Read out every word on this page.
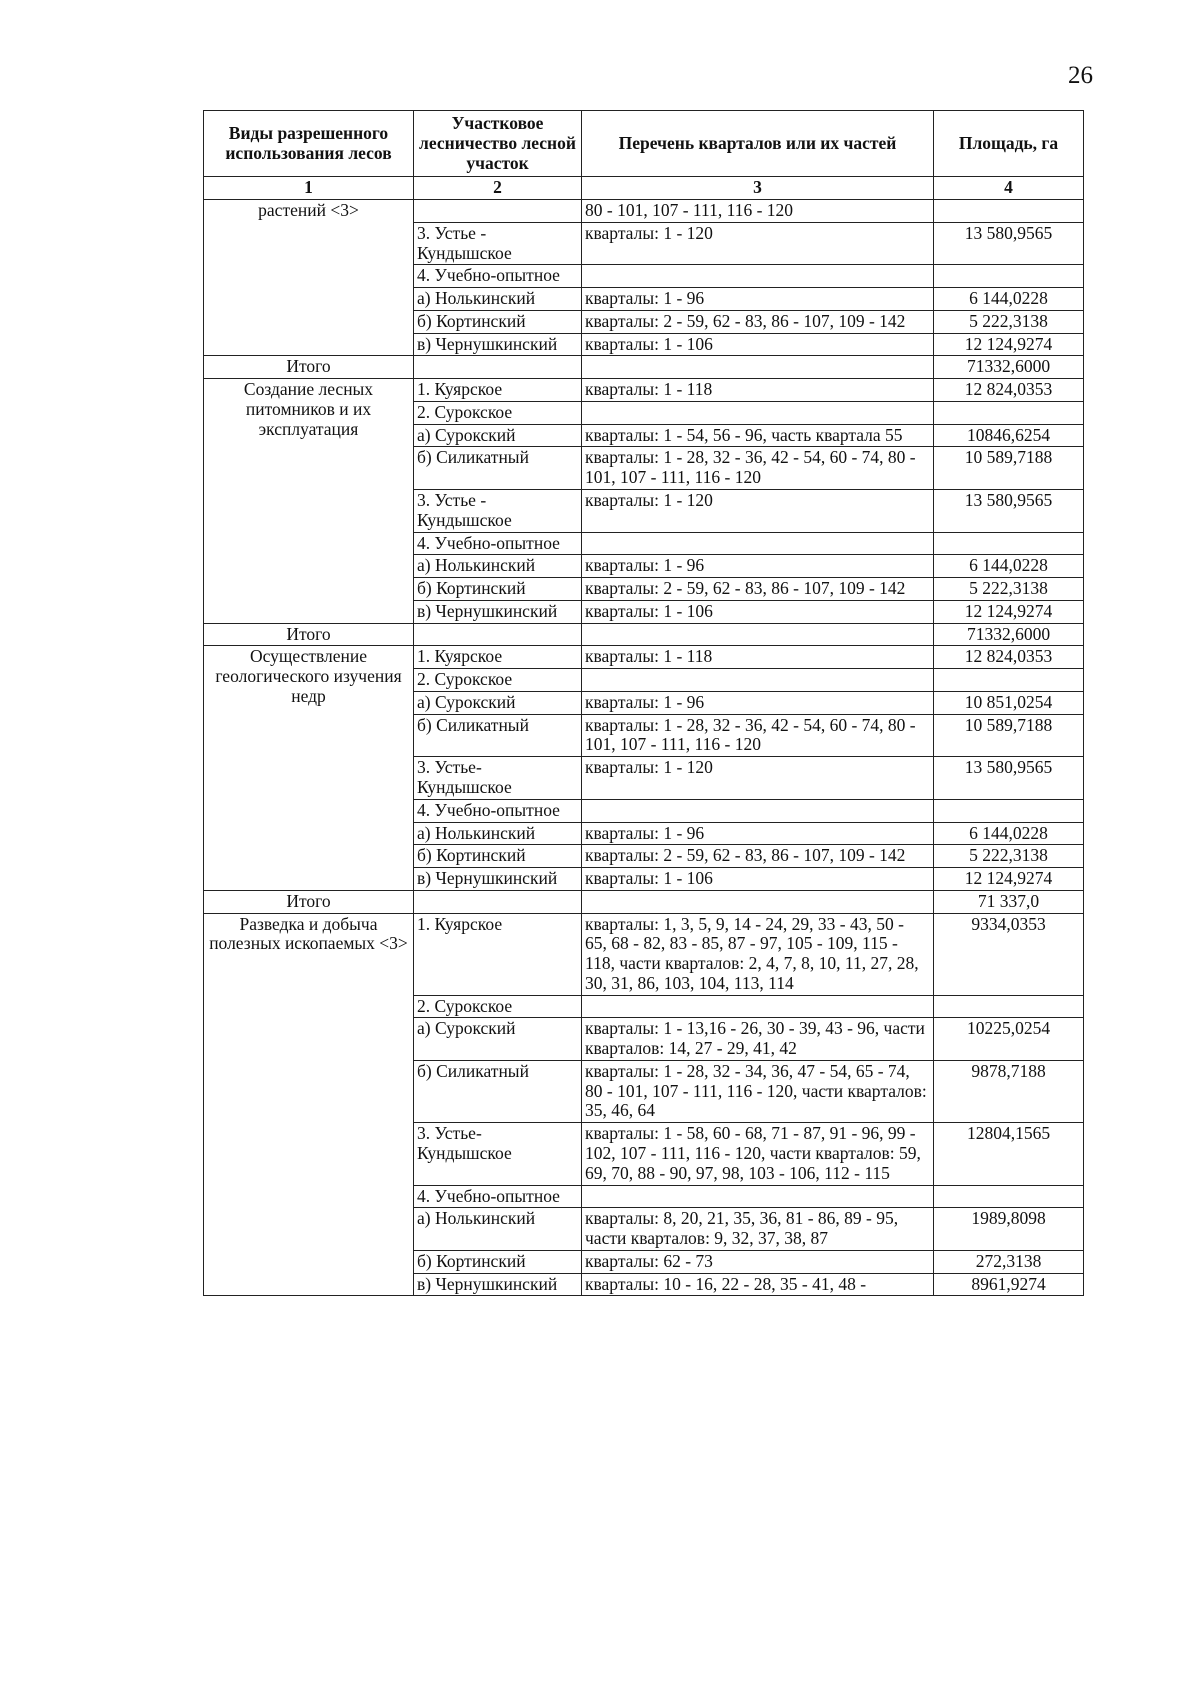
26
Виды разрешенного использования лесов	Участковое лесничество лесной участок	Перечень кварталов или их частей	Площадь, га
1	2	3	4
растений <3>		80 - 101, 107 - 111, 116 - 120	
	3. Устье - Кундышское	кварталы: 1 - 120	13 580,9565
	4. Учебно-опытное		
	а) Нолькинский	кварталы: 1 - 96	6 144,0228
	б) Кортинский	кварталы: 2 - 59, 62 - 83, 86 - 107, 109 - 142	5 222,3138
	в) Чернушкинский	кварталы: 1 - 106	12 124,9274
Итого			71332,6000
Создание лесных питомников и их эксплуатация	1. Куярское	кварталы: 1 - 118	12 824,0353
	2. Сурокское		
	а) Сурокский	кварталы: 1 - 54, 56 - 96, часть квартала 55	10846,6254
	б) Силикатный	кварталы: 1 - 28, 32 - 36, 42 - 54, 60 - 74, 80 - 101, 107 - 111, 116 - 120	10 589,7188
	3. Устье - Кундышское	кварталы: 1 - 120	13 580,9565
	4. Учебно-опытное		
	а) Нолькинский	кварталы: 1 - 96	6 144,0228
	б) Кортинский	кварталы: 2 - 59, 62 - 83, 86 - 107, 109 - 142	5 222,3138
	в) Чернушкинский	кварталы: 1 - 106	12 124,9274
Итого			71332,6000
Осуществление геологического изучения недр	1. Куярское	кварталы: 1 - 118	12 824,0353
	2. Сурокское		
	а) Сурокский	кварталы: 1 - 96	10 851,0254
	б) Силикатный	кварталы: 1 - 28, 32 - 36, 42 - 54, 60 - 74, 80 - 101, 107 - 111, 116 - 120	10 589,7188
	3. Устье- Кундышское	кварталы: 1 - 120	13 580,9565
	4. Учебно-опытное		
	а) Нолькинский	кварталы: 1 - 96	6 144,0228
	б) Кортинский	кварталы: 2 - 59, 62 - 83, 86 - 107, 109 - 142	5 222,3138
	в) Чернушкинский	кварталы: 1 - 106	12 124,9274
Итого			71 337,0
Разведка и добыча полезных ископаемых <3>	1. Куярское	кварталы: 1, 3, 5, 9, 14 - 24, 29, 33 - 43, 50 - 65, 68 - 82, 83 - 85, 87 - 97, 105 - 109, 115 - 118, части кварталов: 2, 4, 7, 8, 10, 11, 27, 28, 30, 31, 86, 103, 104, 113, 114	9334,0353
	2. Сурокское		
	а) Сурокский	кварталы: 1 - 13,16 - 26, 30 - 39, 43 - 96, части кварталов: 14, 27 - 29, 41, 42	10225,0254
	б) Силикатный	кварталы: 1 - 28, 32 - 34, 36, 47 - 54, 65 - 74, 80 - 101, 107 - 111, 116 - 120, части кварталов: 35, 46, 64	9878,7188
	3. Устье- Кундышское	кварталы: 1 - 58, 60 - 68, 71 - 87, 91 - 96, 99 - 102, 107 - 111, 116 - 120, части кварталов: 59, 69, 70, 88 - 90, 97, 98, 103 - 106, 112 - 115	12804,1565
	4. Учебно-опытное		
	а) Нолькинский	кварталы: 8, 20, 21, 35, 36, 81 - 86, 89 - 95, части кварталов: 9, 32, 37, 38, 87	1989,8098
	б) Кортинский	кварталы: 62 - 73	272,3138
	в) Чернушкинский	кварталы: 10 - 16, 22 - 28, 35 - 41, 48 -	8961,9274
